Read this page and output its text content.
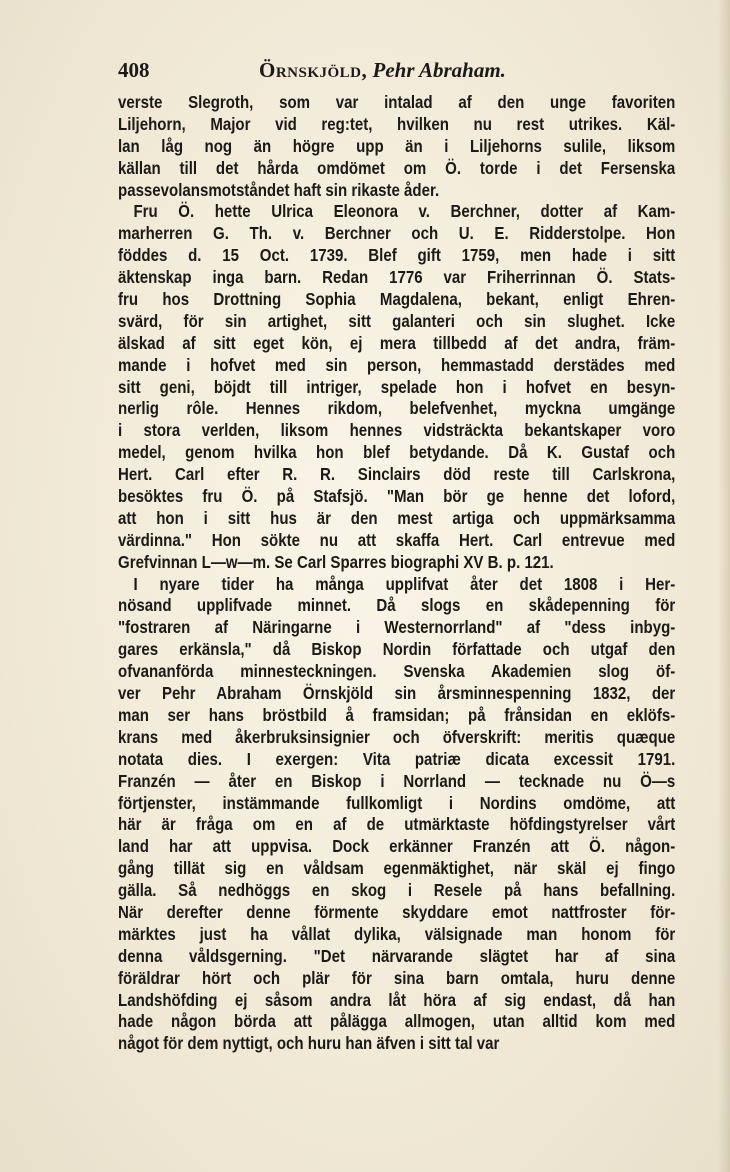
408	Örnskjöld, Pehr Abraham.
verste Slegroth, som var intalad af den unge favoriten
Liljehorn, Major vid reg:tet, hvilken nu rest utrikes. Käl-
lan låg nog än högre upp än i Liljehorns sulile, liksom
källan till det hårda omdömet om Ö. torde i det Fersenska
passevolansmotståndet haft sin rikaste åder.
Fru Ö. hette Ulrica Eleonora v. Berchner, dotter af Kam-
marherren G. Th. v. Berchner och U. E. Ridderstolpe. Hon
föddes d. 15 Oct. 1739. Blef gift 1759, men hade i sitt
äktenskap inga barn. Redan 1776 var Friherrinnan Ö. Stats-
fru hos Drottning Sophia Magdalena, bekant, enligt Ehren-
svärd, för sin artighet, sitt galanteri och sin slughet. Icke
älskad af sitt eget kön, ej mera tillbedd af det andra, främ-
mande i hofvet med sin person, hemmastadd derstädes med
sitt geni, böjdt till intriger, spelade hon i hofvet en besyn-
nerlig rôle. Hennes rikdom, belefvenhet, myckna umgänge
i stora verlden, liksom hennes vidsträckta bekantskaper voro
medel, genom hvilka hon blef betydande. Då K. Gustaf och
Hert. Carl efter R. R. Sinclairs död reste till Carlskrona,
besöktes fru Ö. på Stafsjö. "Man bör ge henne det loford,
att hon i sitt hus är den mest artiga och uppmärksamma
värdinna." Hon sökte nu att skaffa Hert. Carl entrevue med
Grefvinnan L—w—m. Se Carl Sparres biographi XV B. p. 121.
I nyare tider ha många upplifvat åter det 1808 i Her-
nösand upplifvade minnet. Då slogs en skådepenning för
"fostraren af Näringarne i Westernorrland" af "dess inbyg-
gares erkänsla," då Biskop Nordin författade och utgaf den
ofvananförda minnesteckningen. Svenska Akademien slog öf-
ver Pehr Abraham Örnskjöld sin årsminnespenning 1832, der
man ser hans bröstbild å framsidan; på frånsidan en eklöfs-
krans med åkerbruksinsignier och öfverskrift: meritis quæque
notata dies. I exergen: Vita patriæ dicata excessit 1791.
Franzén — åter en Biskop i Norrland — tecknade nu Ö—s
förtjenster, instämmande fullkomligt i Nordins omdöme, att
här är fråga om en af de utmärktaste höfdingstyrelser vårt
land har att uppvisa. Dock erkänner Franzén att Ö. någon-
gång tillät sig en våldsam egenmäktighet, när skäl ej fingo
gälla. Så nedhöggs en skog i Resele på hans befallning.
När derefter denne förmente skyddare emot nattfroster för-
märktes just ha vållat dylika, välsignade man honom för
denna våldsgerning. "Det närvarande slägtet har af sina
föräldrar hört och plär för sina barn omtala, huru denne
Landshöfding ej såsom andra låt höra af sig endast, då han
hade någon börda att pålägga allmogen, utan alltid kom med
något för dem nyttigt, och huru han äfven i sitt tal var
